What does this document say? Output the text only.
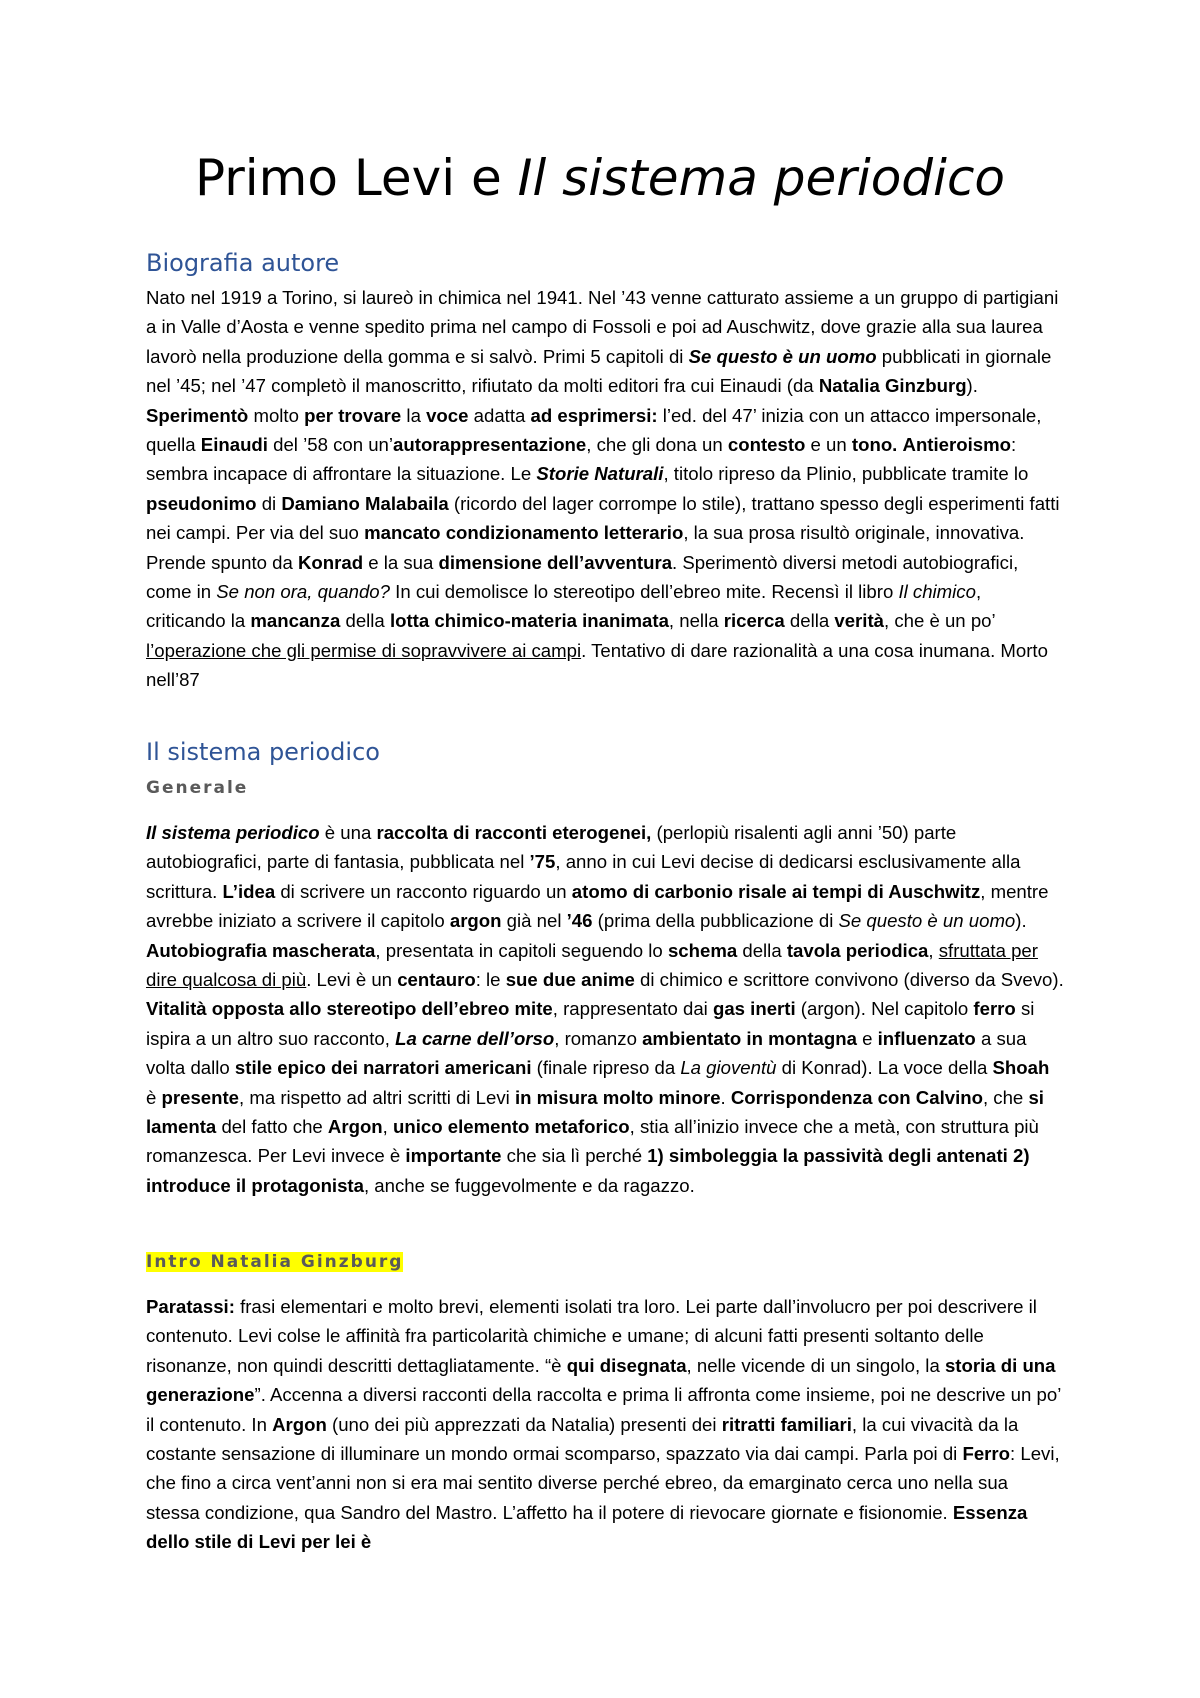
Primo Levi e Il sistema periodico
Biografia autore

Nato nel 1919 a Torino, si laureò in chimica nel 1941. Nel ’43 venne catturato assieme a un gruppo di partigiani a in Valle d’Aosta e venne spedito prima nel campo di Fossoli e poi ad Auschwitz, dove grazie alla sua laurea lavorò nella produzione della gomma e si salvò. Primi 5 capitoli di Se questo è un uomo pubblicati in giornale nel ’45; nel ’47 completò il manoscritto, rifiutato da molti editori fra cui Einaudi (da Natalia Ginzburg). Sperimentò molto per trovare la voce adatta ad esprimersi: l’ed. del 47’ inizia con un attacco impersonale, quella Einaudi del ’58 con un’autorappresentazione, che gli dona un contesto e un tono. Antieroismo: sembra incapace di affrontare la situazione. Le Storie Naturali, titolo ripreso da Plinio, pubblicate tramite lo pseudonimo di Damiano Malabaila (ricordo del lager corrompe lo stile), trattano spesso degli esperimenti fatti nei campi. Per via del suo mancato condizionamento letterario, la sua prosa risultò originale, innovativa. Prende spunto da Konrad e la sua dimensione dell’avventura. Sperimentò diversi metodi autobiografici, come in Se non ora, quando? In cui demolisce lo stereotipo dell’ebreo mite. Recensì il libro Il chimico, criticando la mancanza della lotta chimico-materia inanimata, nella ricerca della verità, che è un po’ l’operazione che gli permise di sopravvivere ai campi. Tentativo di dare razionalità a una cosa inumana. Morto nell’87

Il sistema periodico
Generale

Il sistema periodico è una raccolta di racconti eterogenei, (perlopiù risalenti agli anni ’50) parte autobiografici, parte di fantasia, pubblicata nel ’75, anno in cui Levi decise di dedicarsi esclusivamente alla scrittura. L’idea di scrivere un racconto riguardo un atomo di carbonio risale ai tempi di Auschwitz, mentre avrebbe iniziato a scrivere il capitolo argon già nel ’46 (prima della pubblicazione di Se questo è un uomo). Autobiografia mascherata, presentata in capitoli seguendo lo schema della tavola periodica, sfruttata per dire qualcosa di più. Levi è un centauro: le sue due anime di chimico e scrittore convivono (diverso da Svevo). Vitalità opposta allo stereotipo dell’ebreo mite, rappresentato dai gas inerti (argon). Nel capitolo ferro si ispira a un altro suo racconto, La carne dell’orso, romanzo ambientato in montagna e influenzato a sua volta dallo stile epico dei narratori americani (finale ripreso da La gioventù di Konrad). La voce della Shoah è presente, ma rispetto ad altri scritti di Levi in misura molto minore. Corrispondenza con Calvino, che si lamenta del fatto che Argon, unico elemento metaforico, stia all’inizio invece che a metà, con struttura più romanzesca. Per Levi invece è importante che sia lì perché 1) simboleggia la passività degli antenati 2) introduce il protagonista, anche se fuggevolmente e da ragazzo.

Intro Natalia Ginzburg

Paratassi: frasi elementari e molto brevi, elementi isolati tra loro. Lei parte dall’involucro per poi descrivere il contenuto. Levi colse le affinità fra particolarità chimiche e umane; di alcuni fatti presenti soltanto delle risonanze, non quindi descritti dettagliatamente. “è qui disegnata, nelle vicende di un singolo, la storia di una generazione”. Accenna a diversi racconti della raccolta e prima li affronta come insieme, poi ne descrive un po’ il contenuto. In Argon (uno dei più apprezzati da Natalia) presenti dei ritratti familiari, la cui vivacità da la costante sensazione di illuminare un mondo ormai scomparso, spazzato via dai campi. Parla poi di Ferro: Levi, che fino a circa vent’anni non si era mai sentito diverse perché ebreo, da emarginato cerca uno nella sua stessa condizione, qua Sandro del Mastro. L’affetto ha il potere di rievocare giornate e fisionomie. Essenza dello stile di Levi per lei è
